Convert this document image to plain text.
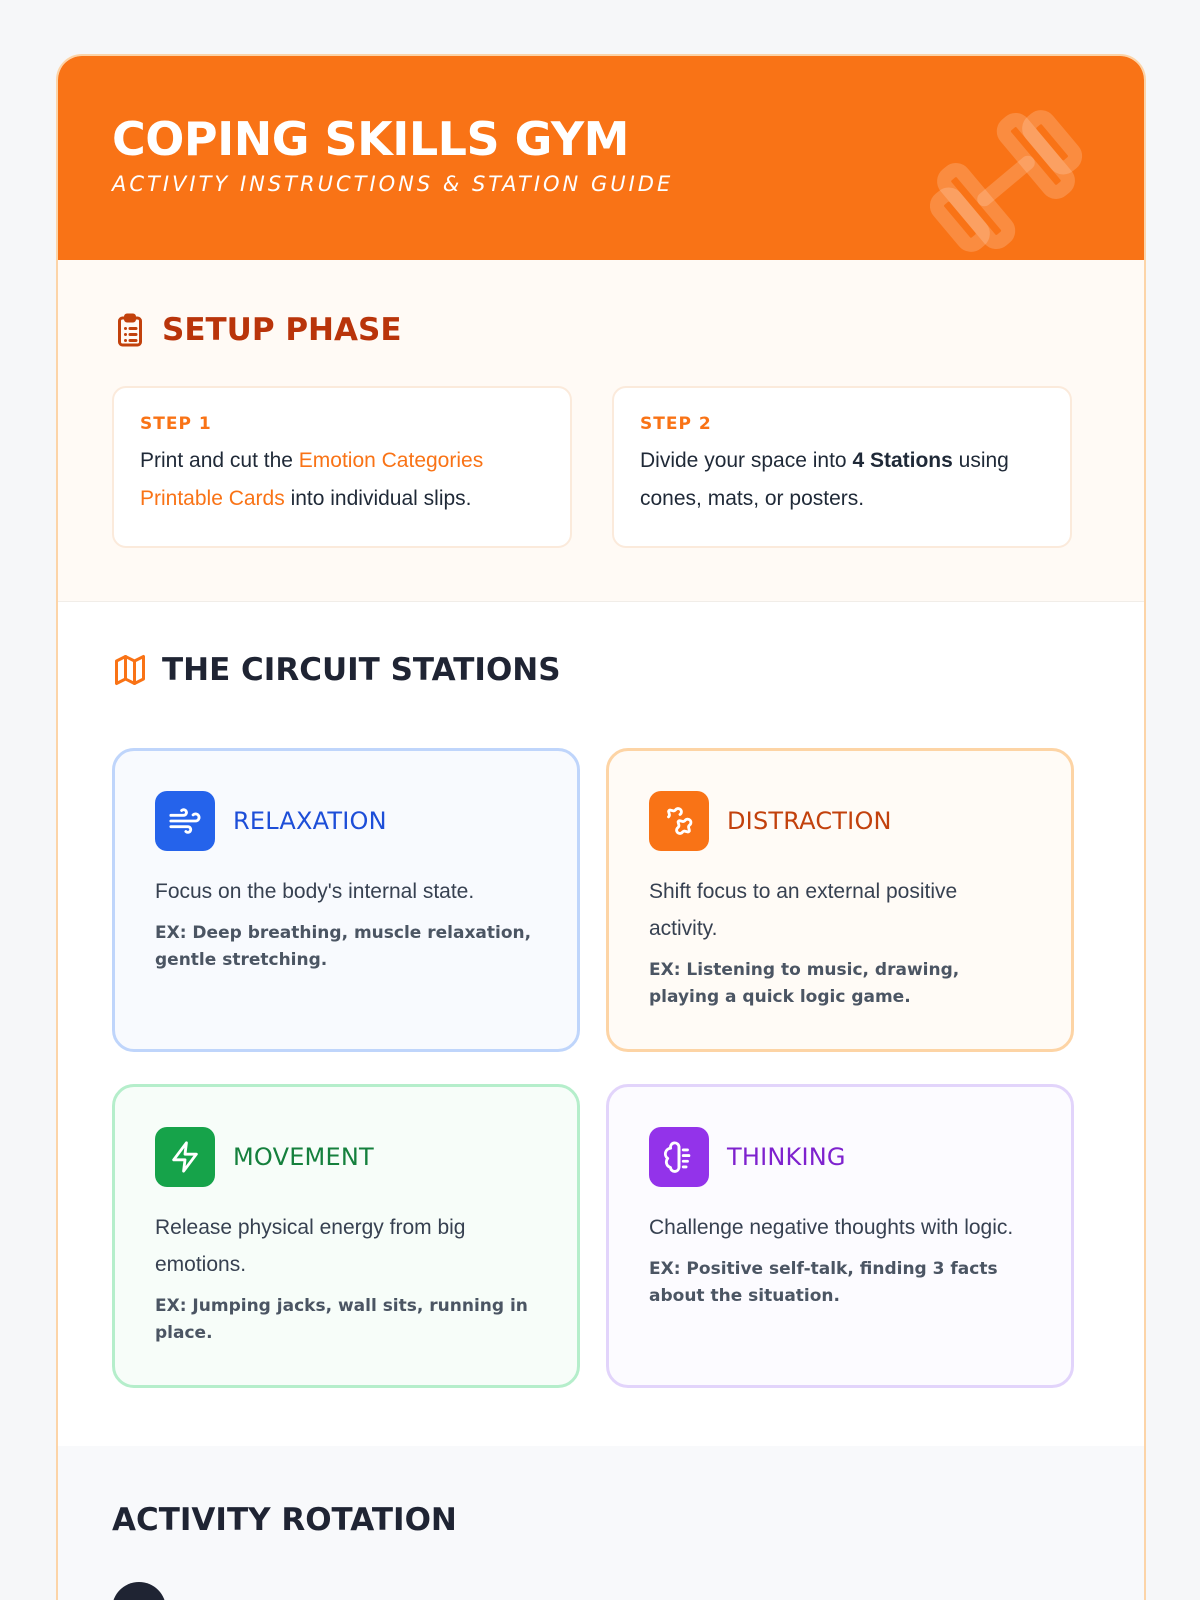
COPING SKILLS GYM
ACTIVITY INSTRUCTIONS & STATION GUIDE
SETUP PHASE
STEP 1
Print and cut the Emotion Categories Printable Cards into individual slips.
STEP 2
Divide your space into 4 Stations using cones, mats, or posters.
THE CIRCUIT STATIONS
RELAXATION
Focus on the body's internal state.
EX: Deep breathing, muscle relaxation, gentle stretching.
DISTRACTION
Shift focus to an external positive activity.
EX: Listening to music, drawing, playing a quick logic game.
MOVEMENT
Release physical energy from big emotions.
EX: Jumping jacks, wall sits, running in place.
THINKING
Challenge negative thoughts with logic.
EX: Positive self-talk, finding 3 facts about the situation.
ACTIVITY ROTATION
